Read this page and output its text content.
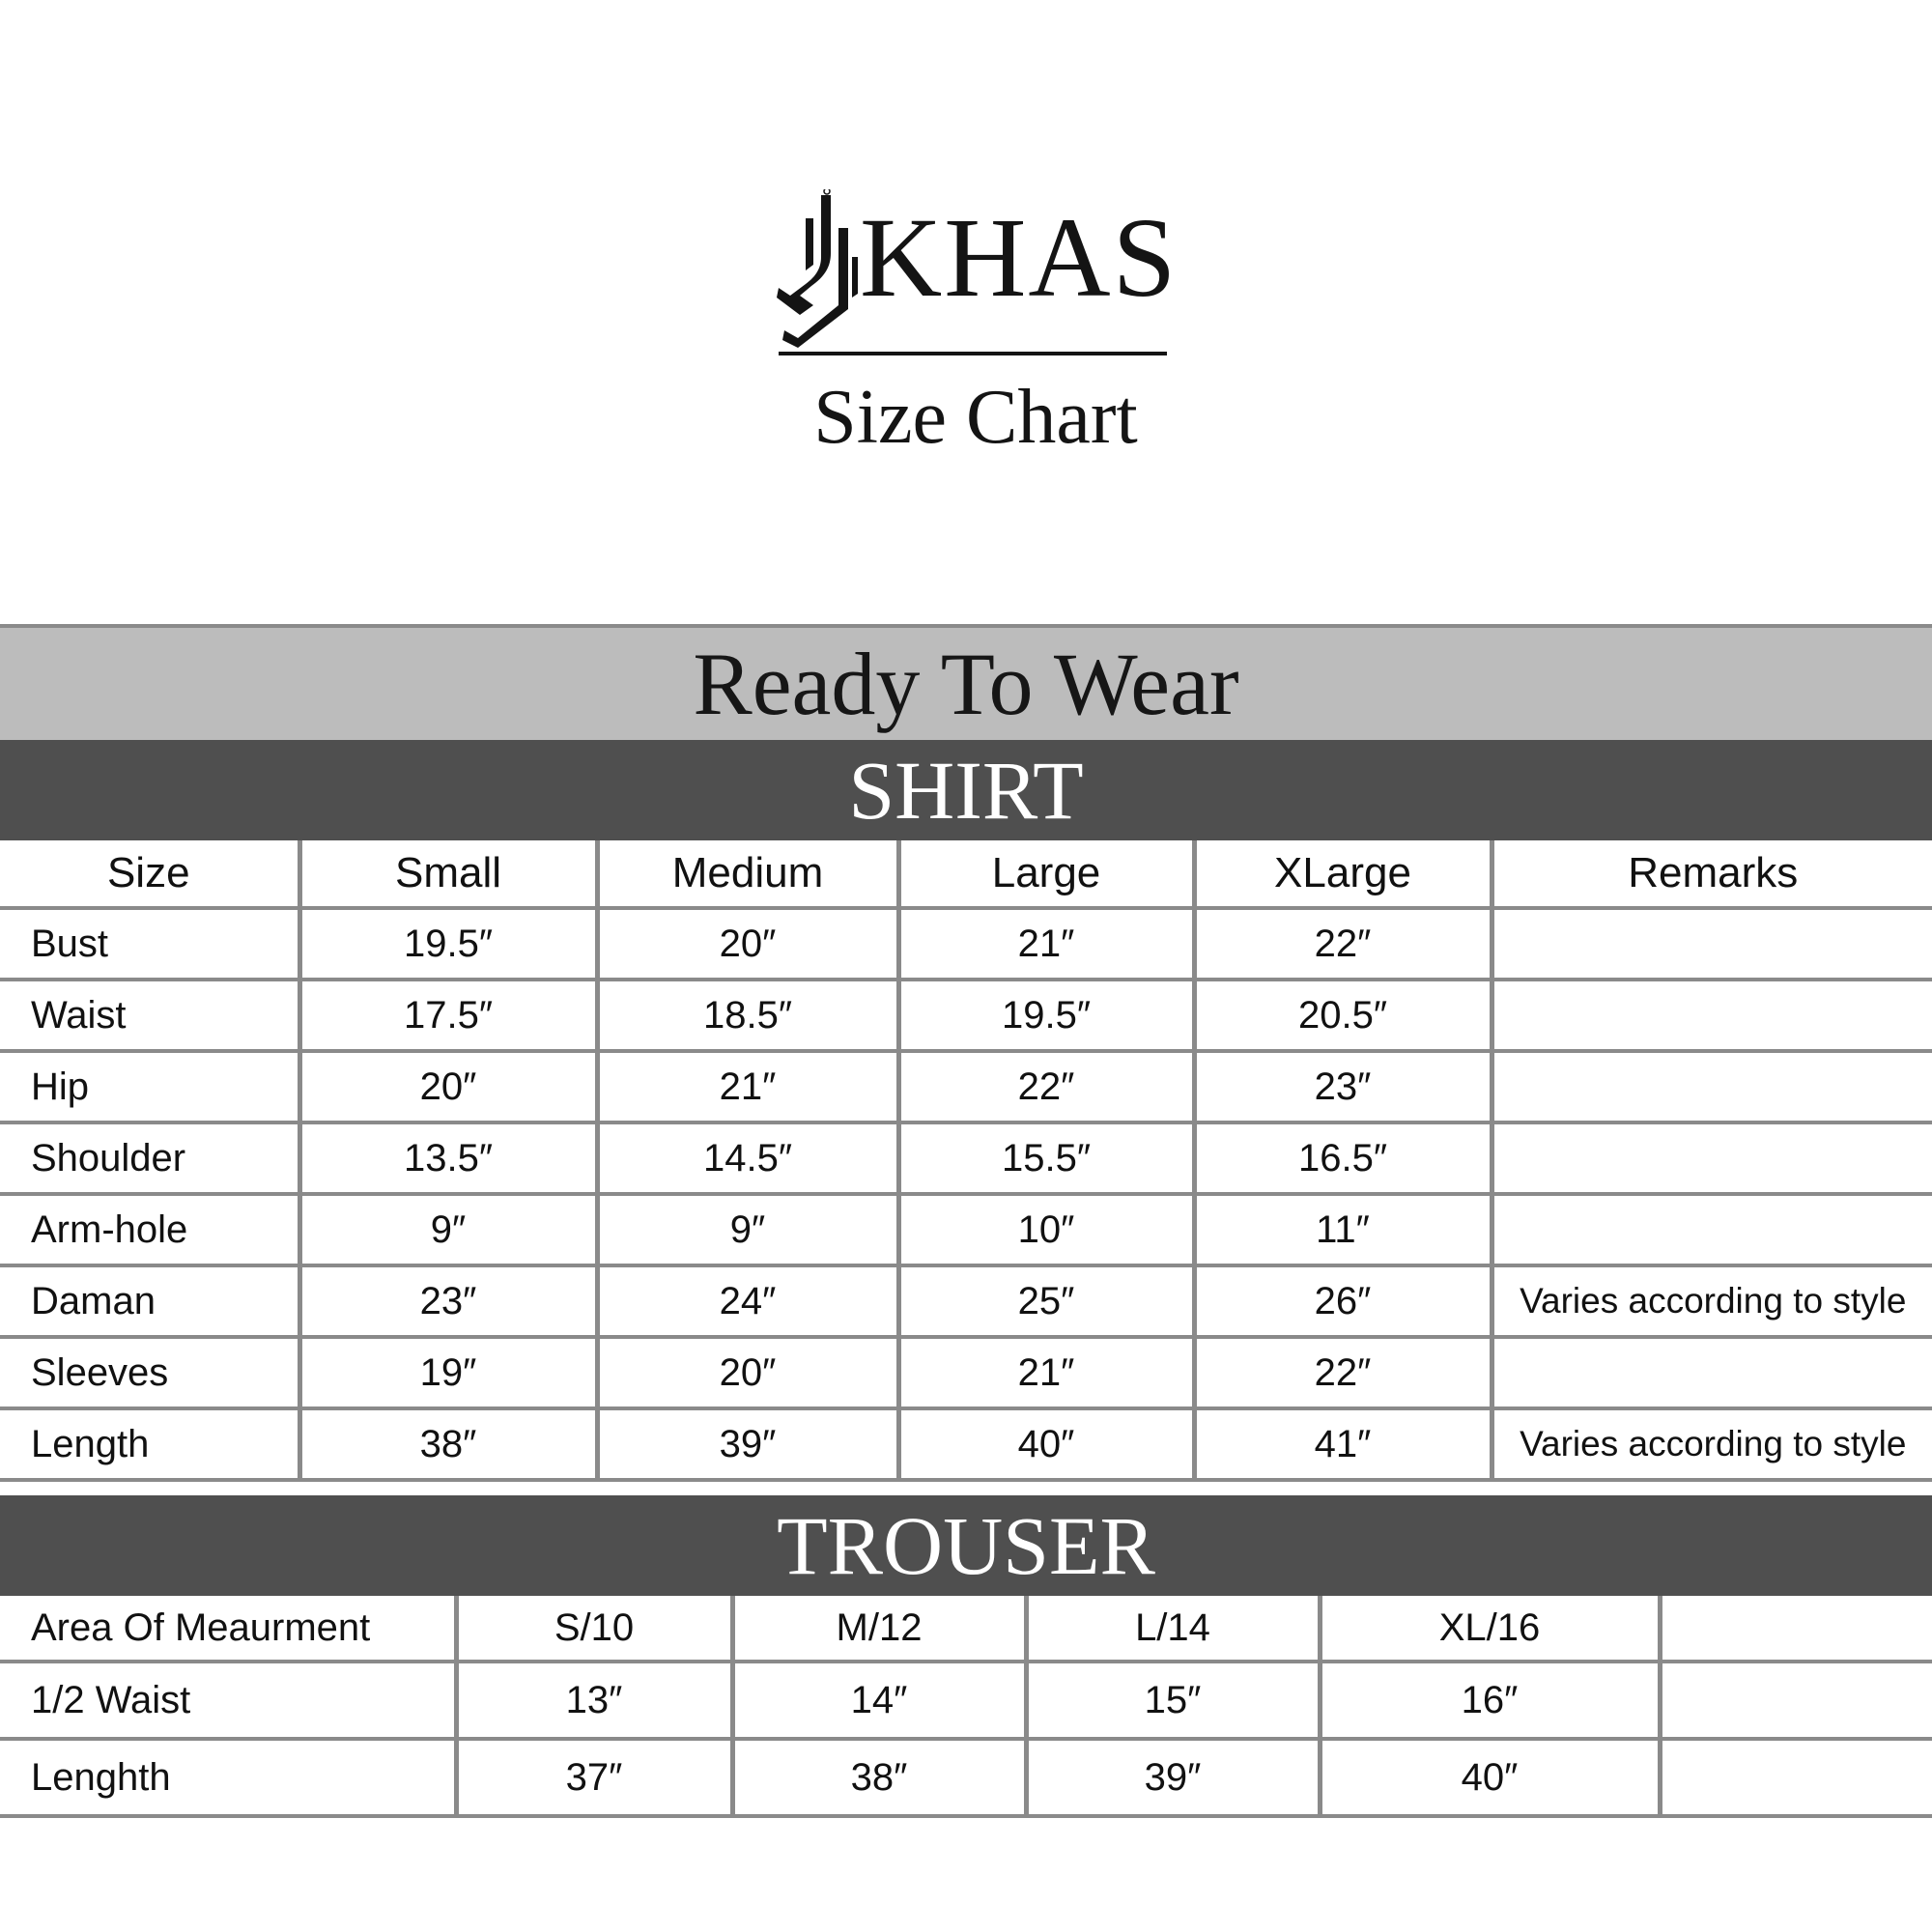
KHAS
Size Chart
Ready To Wear
SHIRT
Size	Small	Medium	Large	XLarge	Remarks
Bust	19.5″	20″	21″	22″	
Waist	17.5″	18.5″	19.5″	20.5″	
Hip	20″	21″	22″	23″	
Shoulder	13.5″	14.5″	15.5″	16.5″	
Arm-hole	9″	9″	10″	11″	
Daman	23″	24″	25″	26″	Varies according to style
Sleeves	19″	20″	21″	22″	
Length	38″	39″	40″	41″	Varies according to style
TROUSER
Area Of Meaurment	S/10	M/12	L/14	XL/16	
1/2 Waist	13″	14″	15″	16″	
Lenghth	37″	38″	39″	40″	
